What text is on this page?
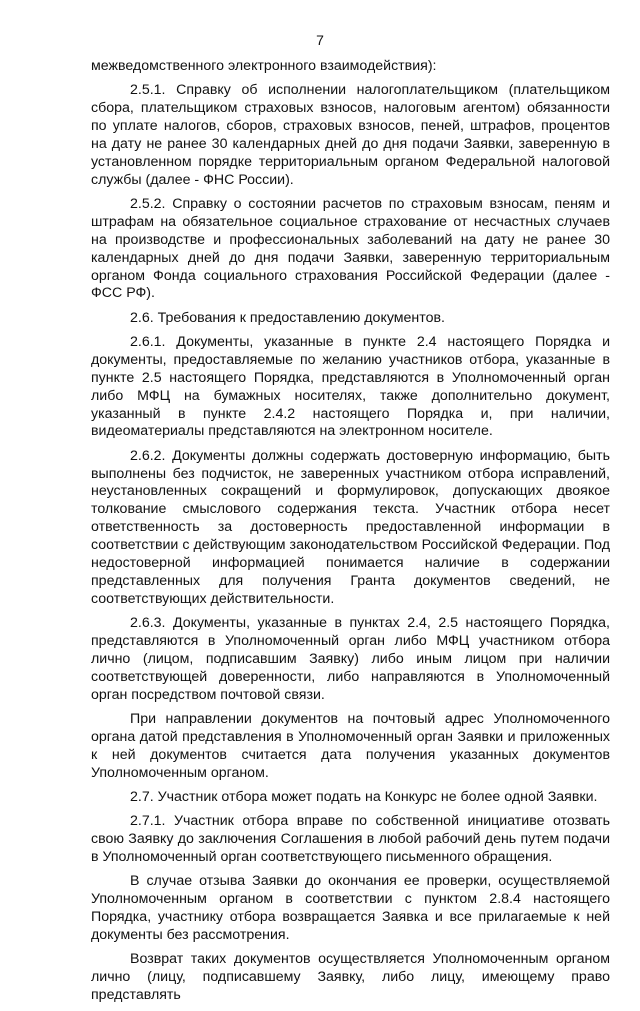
7

межведомственного электронного взаимодействия):

2.5.1. Справку об исполнении налогоплательщиком (плательщиком сбора, плательщиком страховых взносов, налоговым агентом) обязанности по уплате налогов, сборов, страховых взносов, пеней, штрафов, процентов на дату не ранее 30 календарных дней до дня подачи Заявки, заверенную в установленном порядке территориальным органом Федеральной налоговой службы (далее - ФНС России).

2.5.2. Справку о состоянии расчетов по страховым взносам, пеням и штрафам на обязательное социальное страхование от несчастных случаев на производстве и профессиональных заболеваний на дату не ранее 30 календарных дней до дня подачи Заявки, заверенную территориальным органом Фонда социального страхования Российской Федерации (далее - ФСС РФ).

2.6. Требования к предоставлению документов.

2.6.1. Документы, указанные в пункте 2.4 настоящего Порядка и документы, предоставляемые по желанию участников отбора, указанные в пункте 2.5 настоящего Порядка, представляются в Уполномоченный орган либо МФЦ на бумажных носителях, также дополнительно документ, указанный в пункте 2.4.2 настоящего Порядка и, при наличии, видеоматериалы представляются на электронном носителе.

2.6.2. Документы должны содержать достоверную информацию, быть выполнены без подчисток, не заверенных участником отбора исправлений, неустановленных сокращений и формулировок, допускающих двоякое толкование смыслового содержания текста. Участник отбора несет ответственность за достоверность предоставленной информации в соответствии с действующим законодательством Российской Федерации. Под недостоверной информацией понимается наличие в содержании представленных для получения Гранта документов сведений, не соответствующих действительности.

2.6.3. Документы, указанные в пунктах 2.4, 2.5 настоящего Порядка, представляются в Уполномоченный орган либо МФЦ участником отбора лично (лицом, подписавшим Заявку) либо иным лицом при наличии соответствующей доверенности, либо направляются в Уполномоченный орган посредством почтовой связи.

При направлении документов на почтовый адрес Уполномоченного органа датой представления в Уполномоченный орган Заявки и приложенных к ней документов считается дата получения указанных документов Уполномоченным органом.

2.7. Участник отбора может подать на Конкурс не более одной Заявки.

2.7.1. Участник отбора вправе по собственной инициативе отозвать свою Заявку до заключения Соглашения в любой рабочий день путем подачи в Уполномоченный орган соответствующего письменного обращения.

В случае отзыва Заявки до окончания ее проверки, осуществляемой Уполномоченным органом в соответствии с пунктом 2.8.4 настоящего Порядка, участнику отбора возвращается Заявка и все прилагаемые к ней документы без рассмотрения.

Возврат таких документов осуществляется Уполномоченным органом лично (лицу, подписавшему Заявку, либо лицу, имеющему право представлять
